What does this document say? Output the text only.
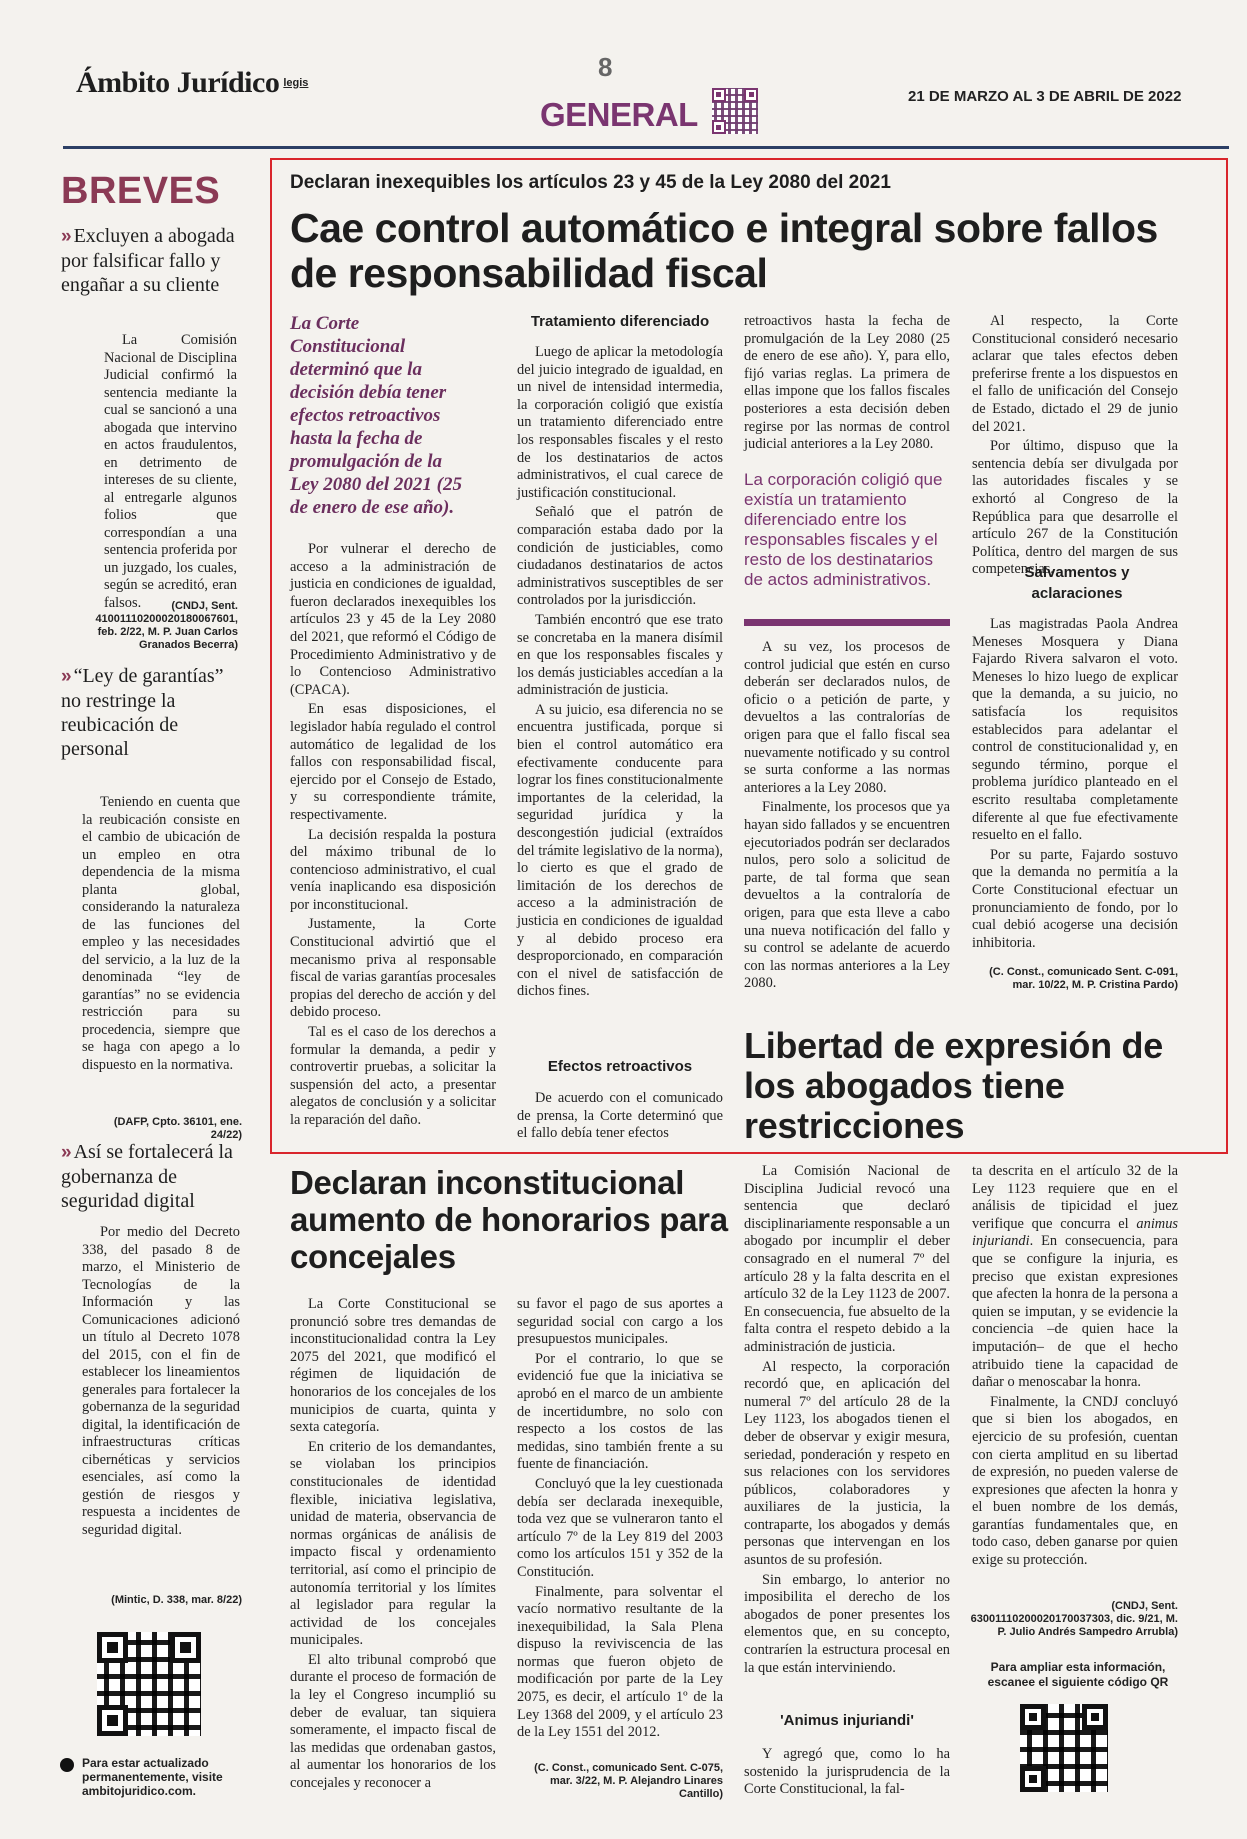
Ámbito Jurídico $^{legis}$
8
GENERAL	21 DE MARZO AL 3 DE ABRIL DE 2022
BREVES
» Excluyen a abogada por falsificar fallo y engañar a su cliente

La Comisión Nacional de Disciplina Judicial confirmó la sentencia mediante la cual se sancionó a una abogada que intervino en actos fraudulentos, en detrimento de intereses de su cliente, al entregarle algunos folios que correspondían a una sentencia proferida por un juzgado, los cuales, según se acreditó, eran falsos.	(CNDJ, Sent. 41001110200020180067601, feb. 2/22, M. P. Juan Carlos Granados Becerra)
» “Ley de garantías” no restringe la reubicación de personal

Teniendo en cuenta que la reubicación consiste en el cambio de ubicación de un empleo en otra dependencia de la misma planta global, considerando la naturaleza de las funciones del empleo y las necesidades del servicio, a la luz de la denominada “ley de garantías” no se evidencia restricción para su procedencia, siempre que se haga con apego a lo dispuesto en la normativa.

(DAFP, Cpto. 36101, ene. 24/22)
» Así se fortalecerá la gobernanza de seguridad digital

Por medio del Decreto 338, del pasado 8 de marzo, el Ministerio de Tecnologías de la Información y las Comunicaciones adicionó un título al Decreto 1078 del 2015, con el fin de establecer los lineamientos generales para fortalecer la gobernanza de la seguridad digital, la identificación de infraestructuras críticas cibernéticas y servicios esenciales, así como la gestión de riesgos y respuesta a incidentes de seguridad digital.

(Mintic, D. 338, mar. 8/22)
Para estar actualizado permanentemente, visite ambitojuridico.com.
Declaran inexequibles los artículos 23 y 45 de la Ley 2080 del 2021
Cae control automático e integral sobre fallos de responsabilidad fiscal
La Corte Constitucional determinó que la decisión debía tener efectos retroactivos hasta la fecha de promulgación de la Ley 2080 del 2021 (25 de enero de ese año).

Por vulnerar el derecho de acceso a la administración de justicia en condiciones de igualdad, fueron declarados inexequibles los artículos 23 y 45 de la Ley 2080 del 2021, que reformó el Código de Procedimiento Administrativo y de lo Contencioso Administrativo (CPACA).

En esas disposiciones, el legislador había regulado el control automático de legalidad de los fallos con responsabilidad fiscal, ejercido por el Consejo de Estado, y su correspondiente trámite, respectivamente.

La decisión respalda la postura del máximo tribunal de lo contencioso administrativo, el cual venía inaplicando esa disposición por inconstitucional.

Justamente, la Corte Constitucional advirtió que el mecanismo priva al responsable fiscal de varias garantías procesales propias del derecho de acción y del debido proceso.

Tal es el caso de los derechos a formular la demanda, a pedir y controvertir pruebas, a solicitar la suspensión del acto, a presentar alegatos de conclusión y a solicitar la reparación del daño.

Tratamiento diferenciado

Luego de aplicar la metodología del juicio integrado de igualdad, en un nivel de intensidad intermedia, la corporación coligió que existía un tratamiento diferenciado entre los responsables fiscales y el resto de los destinatarios de actos administrativos, el cual carece de justificación constitucional.

Señaló que el patrón de comparación estaba dado por la condición de justiciables, como ciudadanos destinatarios de actos administrativos susceptibles de ser controlados por la jurisdicción.

También encontró que ese trato se concretaba en la manera disímil en que los responsables fiscales y los demás justiciables accedían a la administración de justicia.

A su juicio, esa diferencia no se encuentra justificada, porque si bien el control automático era efectivamente conducente para lograr los fines constitucionalmente importantes de la celeridad, la seguridad jurídica y la descongestión judicial (extraídos del trámite legislativo de la norma), lo cierto es que el grado de limitación de los derechos de acceso a la administración de justicia en condiciones de igualdad y al debido proceso era desproporcionado, en comparación con el nivel de satisfacción de dichos fines.

Efectos retroactivos

De acuerdo con el comunicado de prensa, la Corte determinó que el fallo debía tener efectos

retroactivos hasta la fecha de promulgación de la Ley 2080 (25 de enero de ese año). Y, para ello, fijó varias reglas. La primera de ellas impone que los fallos fiscales posteriores a esta decisión deben regirse por las normas de control judicial anteriores a la Ley 2080.

La corporación coligió que existía un tratamiento diferenciado entre los responsables fiscales y el resto de los destinatarios de actos administrativos.

A su vez, los procesos de control judicial que estén en curso deberán ser declarados nulos, de oficio o a petición de parte, y devueltos a las contralorías de origen para que el fallo fiscal sea nuevamente notificado y su control se surta conforme a las normas anteriores a la Ley 2080.

Finalmente, los procesos que ya hayan sido fallados y se encuentren ejecutoriados podrán ser declarados nulos, pero solo a solicitud de parte, de tal forma que sean devueltos a la contraloría de origen, para que esta lleve a cabo una nueva notificación del fallo y su control se adelante de acuerdo con las normas anteriores a la Ley 2080.

Al respecto, la Corte Constitucional consideró necesario aclarar que tales efectos deben preferirse frente a los dispuestos en el fallo de unificación del Consejo de Estado, dictado el 29 de junio del 2021.

Por último, dispuso que la sentencia debía ser divulgada por las autoridades fiscales y se exhortó al Congreso de la República para que desarrolle el artículo 267 de la Constitución Política, dentro del margen de sus competencias.

Salvamentos y aclaraciones

Las magistradas Paola Andrea Meneses Mosquera y Diana Fajardo Rivera salvaron el voto. Meneses lo hizo luego de explicar que la demanda, a su juicio, no satisfacía los requisitos establecidos para adelantar el control de constitucionalidad y, en segundo término, porque el problema jurídico planteado en el escrito resultaba completamente diferente al que fue efectivamente resuelto en el fallo.

Por su parte, Fajardo sostuvo que la demanda no permitía a la Corte Constitucional efectuar un pronunciamiento de fondo, por lo cual debió acogerse una decisión inhibitoria.

(C. Const., comunicado Sent. C-091, mar. 10/22, M. P. Cristina Pardo)
Libertad de expresión de los abogados tiene restricciones
Declaran inconstitucional aumento de honorarios para concejales

La Corte Constitucional se pronunció sobre tres demandas de inconstitucionalidad contra la Ley 2075 del 2021, que modificó el régimen de liquidación de honorarios de los concejales de los municipios de cuarta, quinta y sexta categoría.

En criterio de los demandantes, se violaban los principios constitucionales de identidad flexible, iniciativa legislativa, unidad de materia, observancia de normas orgánicas de análisis de impacto fiscal y ordenamiento territorial, así como el principio de autonomía territorial y los límites al legislador para regular la actividad de los concejales municipales.

El alto tribunal comprobó que durante el proceso de formación de la ley el Congreso incumplió su deber de evaluar, tan siquiera someramente, el impacto fiscal de las medidas que ordenaban gastos, al aumentar los honorarios de los concejales y reconocer a

su favor el pago de sus aportes a seguridad social con cargo a los presupuestos municipales.

Por el contrario, lo que se evidenció fue que la iniciativa se aprobó en el marco de un ambiente de incertidumbre, no solo con respecto a los costos de las medidas, sino también frente a su fuente de financiación.

Concluyó que la ley cuestionada debía ser declarada inexequible, toda vez que se vulneraron tanto el artículo 7º de la Ley 819 del 2003 como los artículos 151 y 352 de la Constitución.

Finalmente, para solventar el vacío normativo resultante de la inexequibilidad, la Sala Plena dispuso la reviviscencia de las normas que fueron objeto de modificación por parte de la Ley 2075, es decir, el artículo 1º de la Ley 1368 del 2009, y el artículo 23 de la Ley 1551 del 2012.

(C. Const., comunicado Sent. C-075, mar. 3/22, M. P. Alejandro Linares Cantillo)

La Comisión Nacional de Disciplina Judicial revocó una sentencia que declaró disciplinariamente responsable a un abogado por incumplir el deber consagrado en el numeral 7º del artículo 28 y la falta descrita en el artículo 32 de la Ley 1123 de 2007. En consecuencia, fue absuelto de la falta contra el respeto debido a la administración de justicia.

Al respecto, la corporación recordó que, en aplicación del numeral 7º del artículo 28 de la Ley 1123, los abogados tienen el deber de observar y exigir mesura, seriedad, ponderación y respeto en sus relaciones con los servidores públicos, colaboradores y auxiliares de la justicia, la contraparte, los abogados y demás personas que intervengan en los asuntos de su profesión.

Sin embargo, lo anterior no imposibilita el derecho de los abogados de poner presentes los elementos que, en su concepto, contraríen la estructura procesal en la que están interviniendo.

'Animus injuriandi'

Y agregó que, como lo ha sostenido la jurisprudencia de la Corte Constitucional, la fal-

ta descrita en el artículo 32 de la Ley 1123 requiere que en el análisis de tipicidad el juez verifique que concurra el animus injuriandi. En consecuencia, para que se configure la injuria, es preciso que existan expresiones que afecten la honra de la persona a quien se imputan, y se evidencie la conciencia –de quien hace la imputación– de que el hecho atribuido tiene la capacidad de dañar o menoscabar la honra.

Finalmente, la CNDJ concluyó que si bien los abogados, en ejercicio de su profesión, cuentan con cierta amplitud en su libertad de expresión, no pueden valerse de expresiones que afecten la honra y el buen nombre de los demás, garantías fundamentales que, en todo caso, deben ganarse por quien exige su protección.

(CNDJ, Sent. 63001110200020170037303, dic. 9/21, M. P. Julio Andrés Sampedro Arrubla)
Para ampliar esta información, escanee el siguiente código QR
